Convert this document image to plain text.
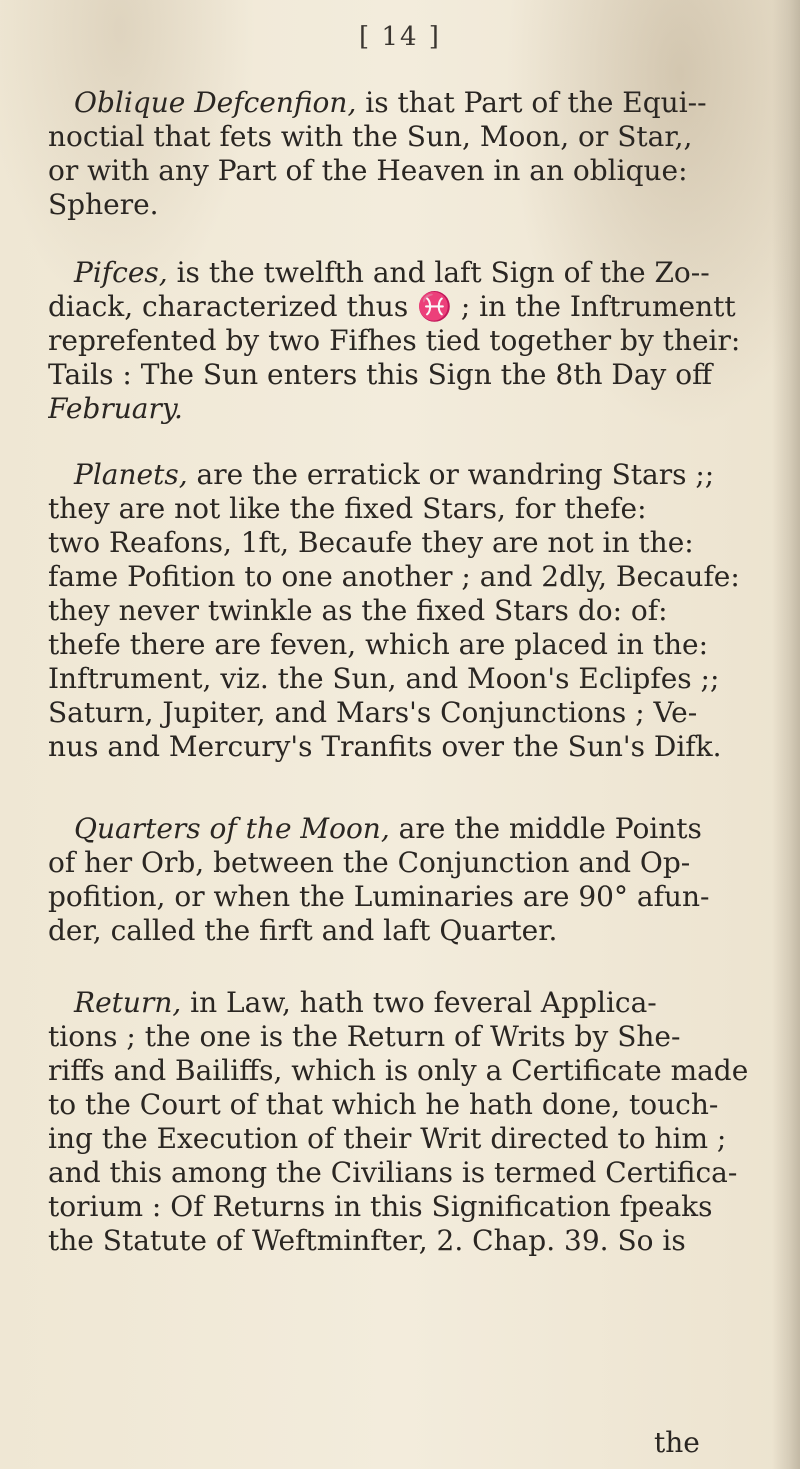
[ 14 ]
Oblique Defcenfion, is that Part of the Equi--
noctial that fets with the Sun, Moon, or Star,,
or with any Part of the Heaven in an oblique:
Sphere.
Pifces, is the twelfth and laft Sign of the Zo--
diack, characterized thus ♓ ; in the Inftrumentt
reprefented by two Fifhes tied together by their:
Tails : The Sun enters this Sign the 8th Day off
February.
Planets, are the erratick or wandring Stars ;;
they are not like the fixed Stars, for thefe:
two Reafons, 1ft, Becaufe they are not in the:
fame Pofition to one another ; and 2dly, Becaufe:
they never twinkle as the fixed Stars do: of:
thefe there are feven, which are placed in the:
Inftrument, viz. the Sun, and Moon's Eclipfes ;;
Saturn, Jupiter, and Mars's Conjunctions ; Ve-
nus and Mercury's Tranfits over the Sun's Difk.
Quarters of the Moon, are the middle Points
of her Orb, between the Conjunction and Op-
pofition, or when the Luminaries are 90° afun-
der, called the firft and laft Quarter.
Return, in Law, hath two feveral Applica-
tions ; the one is the Return of Writs by She-
riffs and Bailiffs, which is only a Certificate made
to the Court of that which he hath done, touch-
ing the Execution of their Writ directed to him ;
and this among the Civilians is termed Certifica-
torium : Of Returns in this Signification fpeaks
the Statute of Weftminfter, 2. Chap. 39. So is
the
